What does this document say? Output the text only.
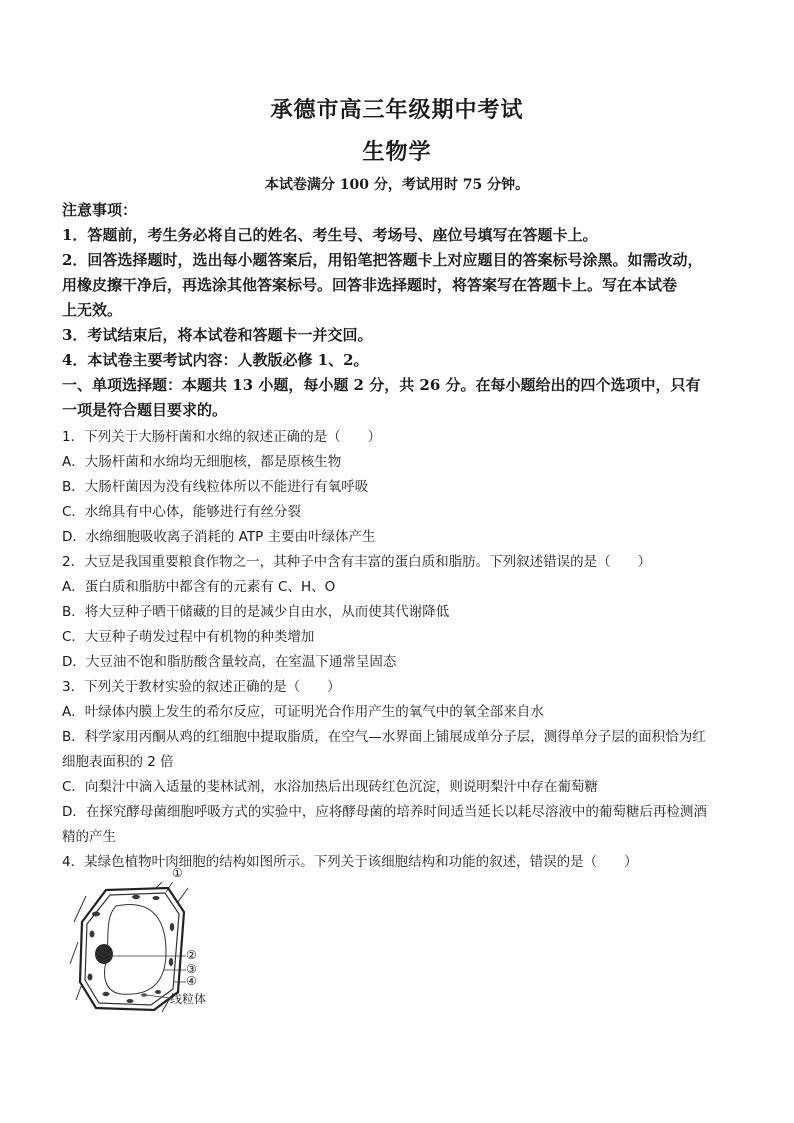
承德市高三年级期中考试
生物学
本试卷满分 100 分，考试用时 75 分钟。
注意事项：
1．答题前，考生务必将自己的姓名、考生号、考场号、座位号填写在答题卡上。
2．回答选择题时，选出每小题答案后，用铅笔把答题卡上对应题目的答案标号涂黑。如需改动，
用橡皮擦干净后，再选涂其他答案标号。回答非选择题时，将答案写在答题卡上。写在本试卷
上无效。
3．考试结束后，将本试卷和答题卡一并交回。
4．本试卷主要考试内容：人教版必修 1、2。
一、单项选择题：本题共 13 小题，每小题 2 分，共 26 分。在每小题给出的四个选项中，只有
一项是符合题目要求的。
1．下列关于大肠杆菌和水绵的叙述正确的是（　　）
A．大肠杆菌和水绵均无细胞核，都是原核生物
B．大肠杆菌因为没有线粒体所以不能进行有氧呼吸
C．水绵具有中心体，能够进行有丝分裂
D．水绵细胞吸收离子消耗的 ATP 主要由叶绿体产生
2．大豆是我国重要粮食作物之一，其种子中含有丰富的蛋白质和脂肪。下列叙述错误的是（　　）
A．蛋白质和脂肪中都含有的元素有 C、H、O
B．将大豆种子晒干储藏的目的是减少自由水，从而使其代谢降低
C．大豆种子萌发过程中有机物的种类增加
D．大豆油不饱和脂肪酸含量较高，在室温下通常呈固态
3．下列关于教材实验的叙述正确的是（　　）
A．叶绿体内膜上发生的希尔反应，可证明光合作用产生的氧气中的氧全部来自水
B．科学家用丙酮从鸡的红细胞中提取脂质，在空气—水界面上铺展成单分子层，测得单分子层的面积恰为红
细胞表面积的 2 倍
C．向梨汁中滴入适量的斐林试剂，水浴加热后出现砖红色沉淀，则说明梨汁中存在葡萄糖
D．在探究酵母菌细胞呼吸方式的实验中，应将酵母菌的培养时间适当延长以耗尽溶液中的葡萄糖后再检测酒
精的产生
4．某绿色植物叶肉细胞的结构如图所示。下列关于该细胞结构和功能的叙述，错误的是（　　）
①
②
③
④
线粒体
